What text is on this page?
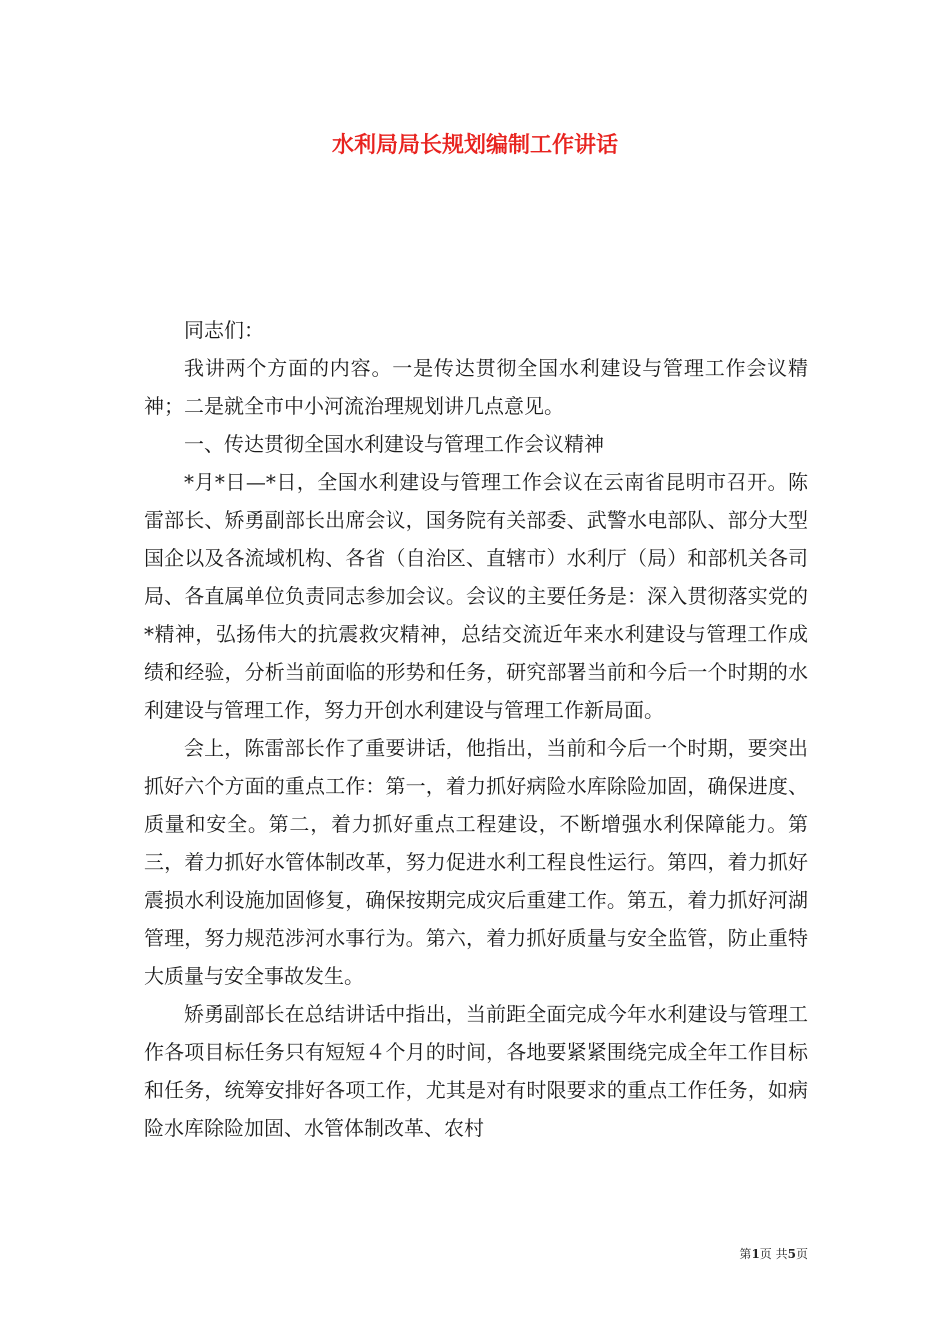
水利局局长规划编制工作讲话

同志们：

我讲两个方面的内容。一是传达贯彻全国水利建设与管理工作会议精神；二是就全市中小河流治理规划讲几点意见。

一、传达贯彻全国水利建设与管理工作会议精神

*月*日—*日，全国水利建设与管理工作会议在云南省昆明市召开。陈雷部长、矫勇副部长出席会议，国务院有关部委、武警水电部队、部分大型国企以及各流域机构、各省（自治区、直辖市）水利厅（局）和部机关各司局、各直属单位负责同志参加会议。会议的主要任务是：深入贯彻落实党的*精神，弘扬伟大的抗震救灾精神，总结交流近年来水利建设与管理工作成绩和经验，分析当前面临的形势和任务，研究部署当前和今后一个时期的水利建设与管理工作，努力开创水利建设与管理工作新局面。

会上，陈雷部长作了重要讲话，他指出，当前和今后一个时期，要突出抓好六个方面的重点工作：第一，着力抓好病险水库除险加固，确保进度、质量和安全。第二，着力抓好重点工程建设，不断增强水利保障能力。第三，着力抓好水管体制改革，努力促进水利工程良性运行。第四，着力抓好震损水利设施加固修复，确保按期完成灾后重建工作。第五，着力抓好河湖管理，努力规范涉河水事行为。第六，着力抓好质量与安全监管，防止重特大质量与安全事故发生。

矫勇副部长在总结讲话中指出，当前距全面完成今年水利建设与管理工作各项目标任务只有短短４个月的时间，各地要紧紧围绕完成全年工作目标和任务，统筹安排好各项工作，尤其是对有时限要求的重点工作任务，如病险水库除险加固、水管体制改革、农村

第1页 共5页
